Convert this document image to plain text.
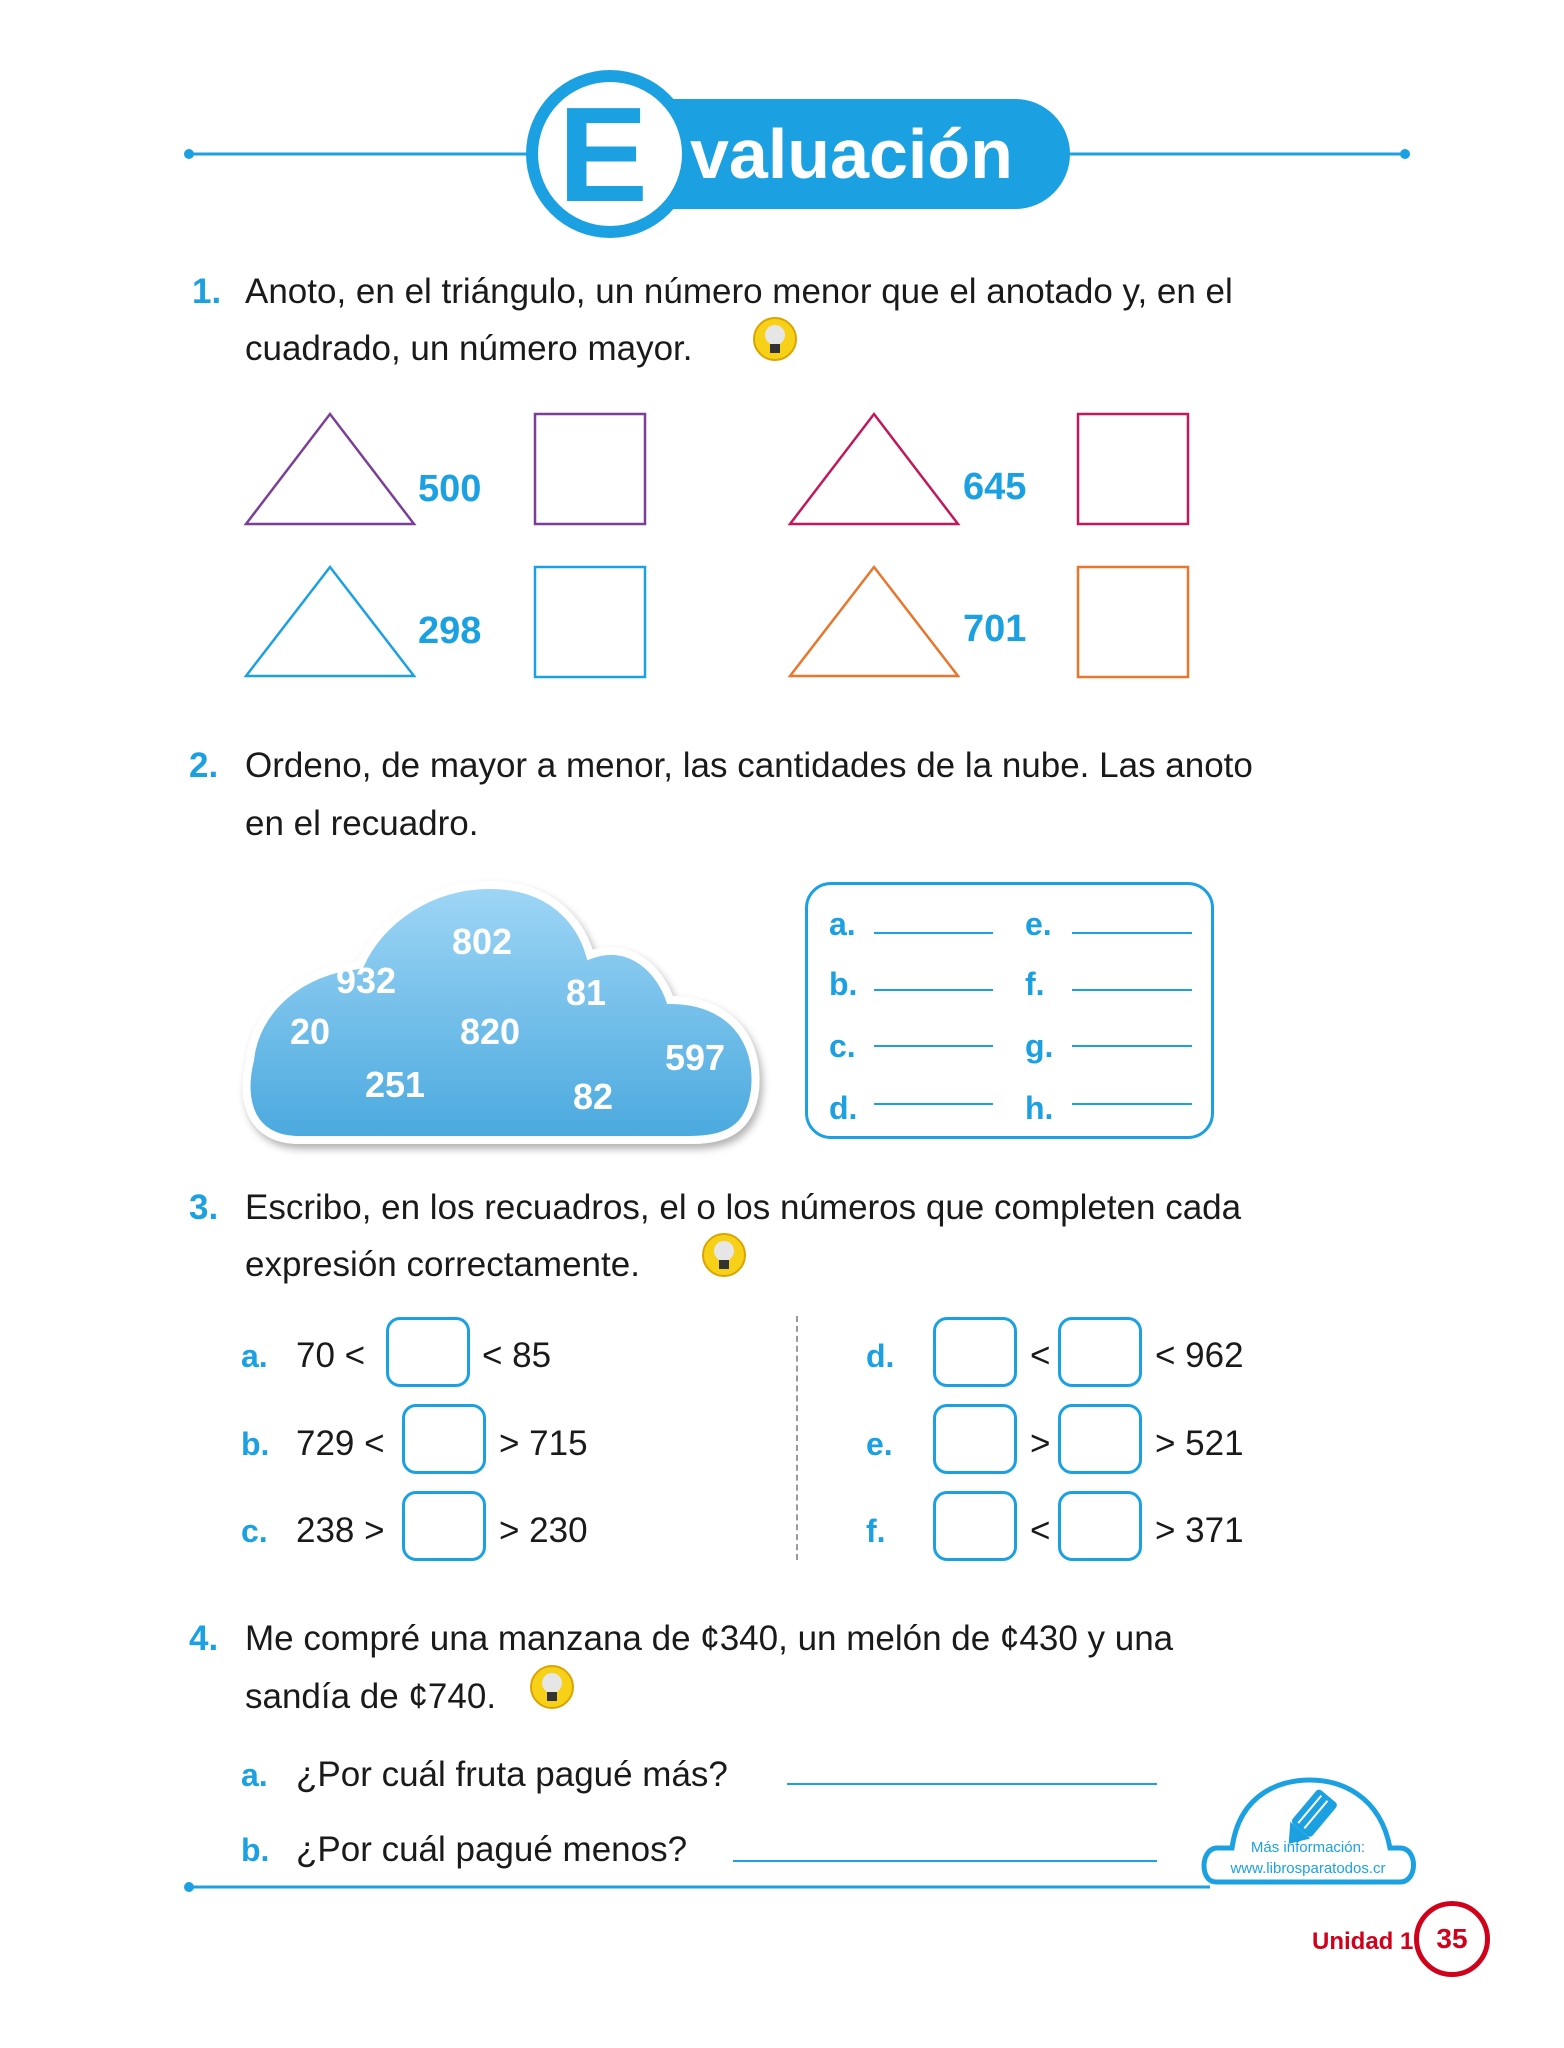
E valuación
1. Anoto, en el triángulo, un número menor que el anotado y, en el
cuadrado, un número mayor.
500	645
298	701
2. Ordeno, de mayor a menor, las cantidades de la nube. Las anoto
en el recuadro.
802
932	81
20	820
597
251	82
a.
b.
c.
d.
e.
f.
g.
h.
3. Escribo, en los recuadros, el o los números que completen cada
expresión correctamente.
a. 70 <	< 85
b. 729 <	> 715
c. 238 >	> 230
d.	<	< 962
e.	>	> 521
f.	<	> 371
4. Me compré una manzana de ¢340, un melón de ¢430 y una
sandía de ¢740.
a. ¿Por cuál fruta pagué más?
b. ¿Por cuál pagué menos?	Más información:
www.librosparatodos.cr
Unidad 1 35
